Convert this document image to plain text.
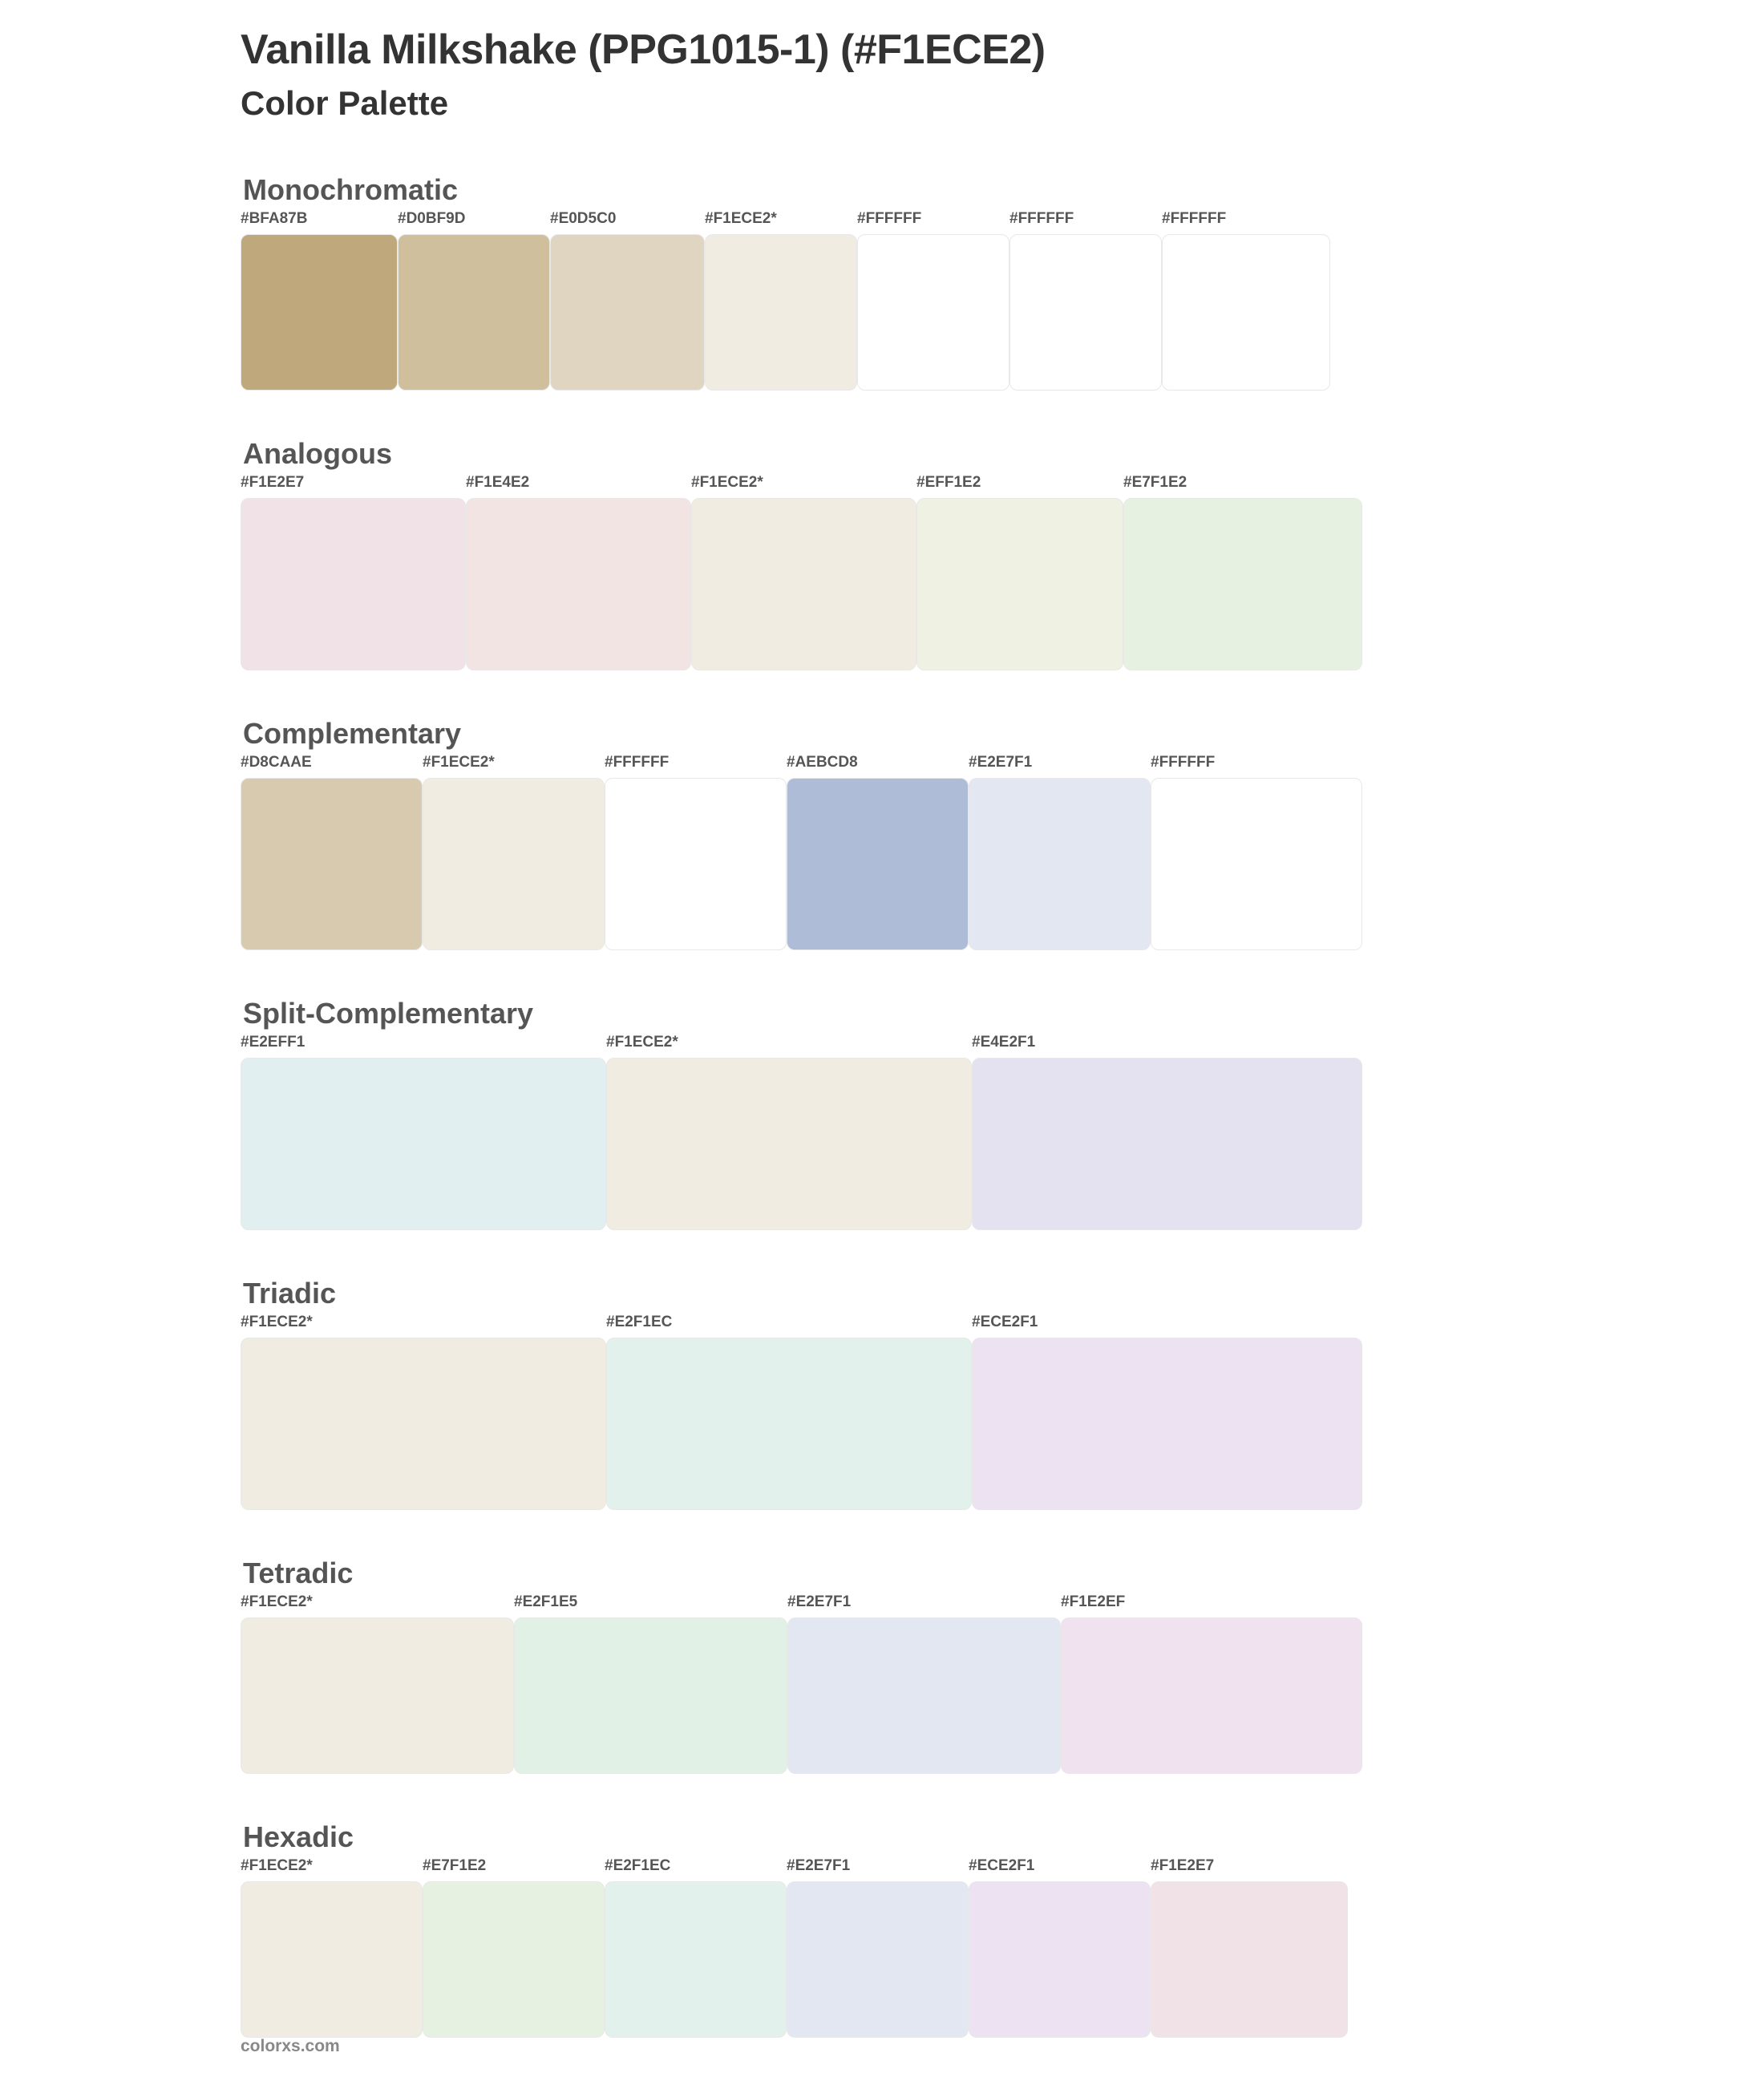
Vanilla Milkshake (PPG1015-1) (#F1ECE2)
Color Palette
Monochromatic
#BFA87B	#D0BF9D	#E0D5C0	#F1ECE2*	#FFFFFF	#FFFFFF	#FFFFFF
Analogous
#F1E2E7	#F1E4E2	#F1ECE2*	#EFF1E2	#E7F1E2
Complementary
#D8CAAE	#F1ECE2*	#FFFFFF	#AEBCD8	#E2E7F1	#FFFFFF
Split-Complementary
#E2EFF1	#F1ECE2*	#E4E2F1
Triadic
#F1ECE2*	#E2F1EC	#ECE2F1
Tetradic
#F1ECE2*	#E2F1E5	#E2E7F1	#F1E2EF
Hexadic
#F1ECE2*	#E7F1E2	#E2F1EC	#E2E7F1	#ECE2F1	#F1E2E7
colorxs.com
